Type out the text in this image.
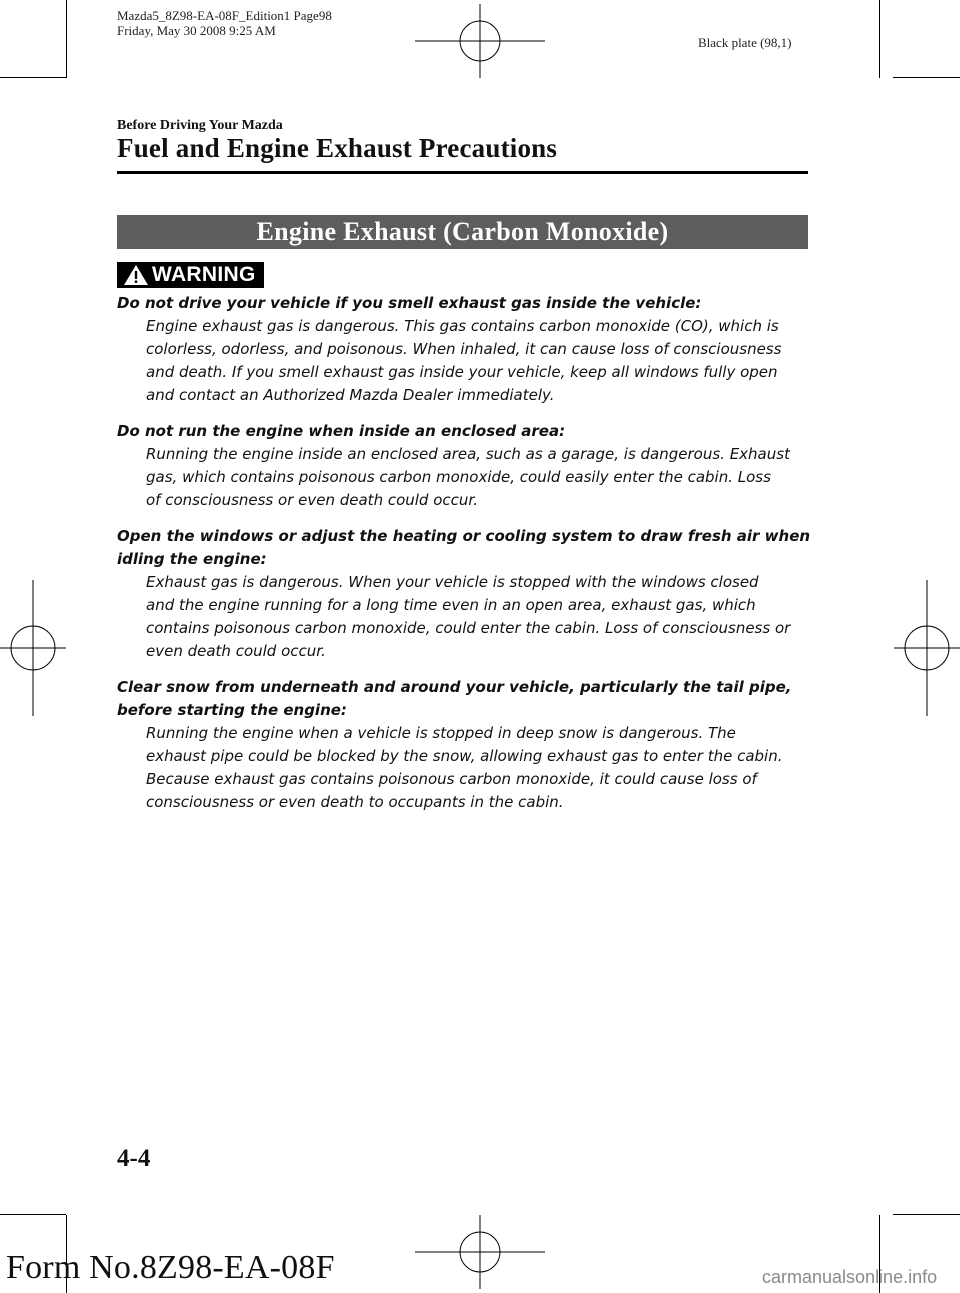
Mazda5_8Z98-EA-08F_Edition1 Page98
Friday, May 30 2008 9:25 AM
Black plate (98,1)
Before Driving Your Mazda
Fuel and Engine Exhaust Precautions
Engine Exhaust (Carbon Monoxide)
WARNING
Do not drive your vehicle if you smell exhaust gas inside the vehicle:
Engine exhaust gas is dangerous. This gas contains carbon monoxide (CO), which is
colorless, odorless, and poisonous. When inhaled, it can cause loss of consciousness
and death. If you smell exhaust gas inside your vehicle, keep all windows fully open
and contact an Authorized Mazda Dealer immediately.
Do not run the engine when inside an enclosed area:
Running the engine inside an enclosed area, such as a garage, is dangerous. Exhaust
gas, which contains poisonous carbon monoxide, could easily enter the cabin. Loss
of consciousness or even death could occur.
Open the windows or adjust the heating or cooling system to draw fresh air when
idling the engine:
Exhaust gas is dangerous. When your vehicle is stopped with the windows closed
and the engine running for a long time even in an open area, exhaust gas, which
contains poisonous carbon monoxide, could enter the cabin. Loss of consciousness or
even death could occur.
Clear snow from underneath and around your vehicle, particularly the tail pipe,
before starting the engine:
Running the engine when a vehicle is stopped in deep snow is dangerous. The
exhaust pipe could be blocked by the snow, allowing exhaust gas to enter the cabin.
Because exhaust gas contains poisonous carbon monoxide, it could cause loss of
consciousness or even death to occupants in the cabin.
4-4
Form No.8Z98-EA-08F	carmanualsonline.info
